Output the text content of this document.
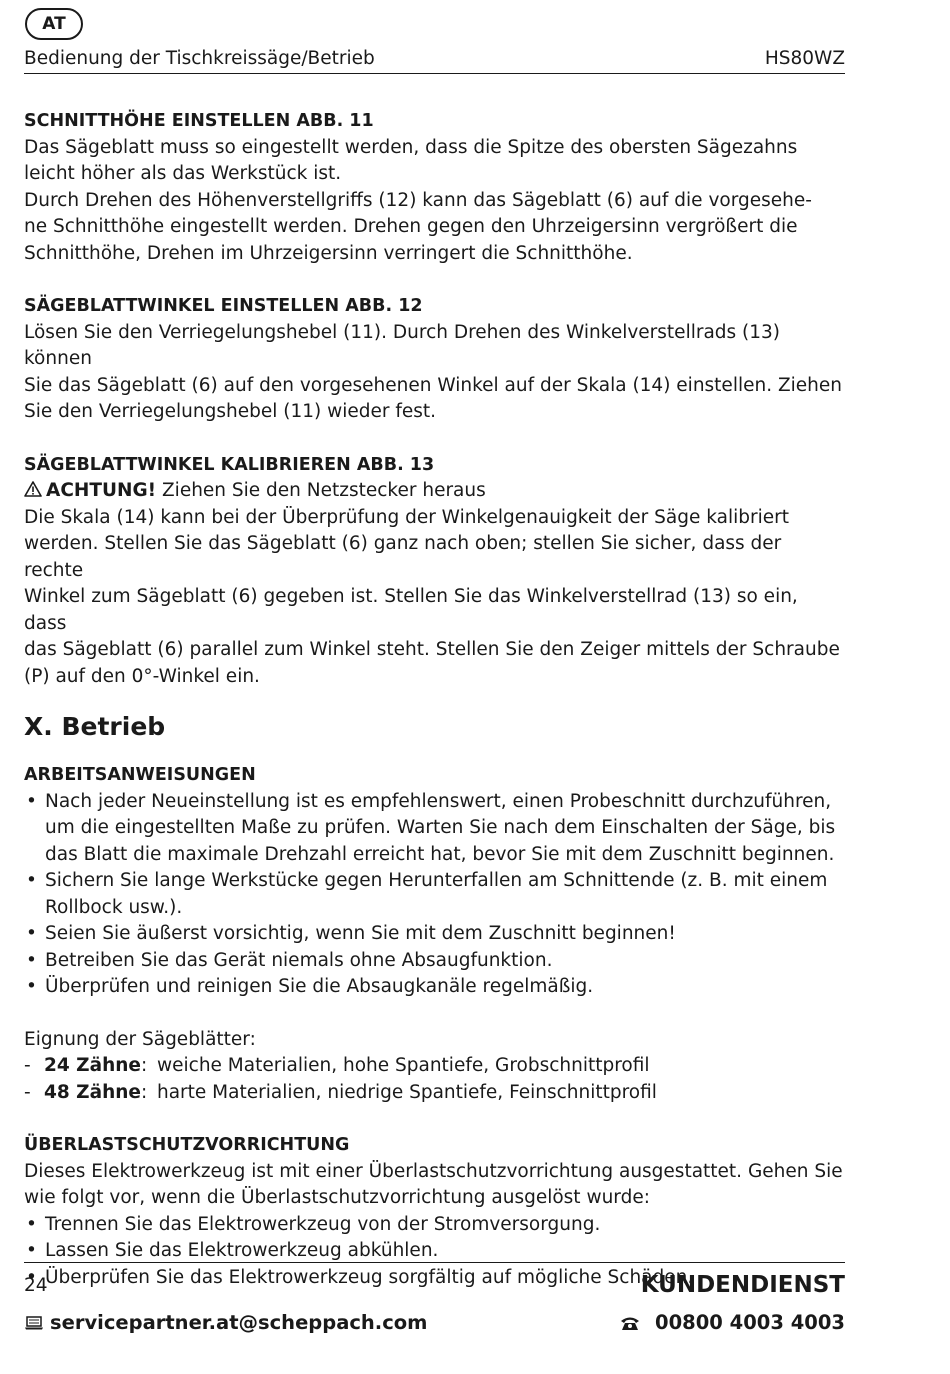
AT
Bedienung der Tischkreissäge/Betrieb	HS80WZ
SCHNITTHÖHE EINSTELLEN ABB. 11

Das Sägeblatt muss so eingestellt werden, dass die Spitze des obersten Sägezahns

leicht höher als das Werkstück ist.

Durch Drehen des Höhenverstellgriffs (12) kann das Sägeblatt (6) auf die vorgesehe-

ne Schnitthöhe eingestellt werden. Drehen gegen den Uhrzeigersinn vergrößert die

Schnitthöhe, Drehen im Uhrzeigersinn verringert die Schnitthöhe.

SÄGEBLATTWINKEL EINSTELLEN ABB. 12

Lösen Sie den Verriegelungshebel (11). Durch Drehen des Winkelverstellrads (13) können

Sie das Sägeblatt (6) auf den vorgesehenen Winkel auf der Skala (14) einstellen. Ziehen

Sie den Verriegelungshebel (11) wieder fest.

SÄGEBLATTWINKEL KALIBRIEREN ABB. 13

ACHTUNG! Ziehen Sie den Netzstecker heraus

Die Skala (14) kann bei der Überprüfung der Winkelgenauigkeit der Säge kalibriert

werden. Stellen Sie das Sägeblatt (6) ganz nach oben; stellen Sie sicher, dass der rechte

Winkel zum Sägeblatt (6) gegeben ist. Stellen Sie das Winkelverstellrad (13) so ein, dass

das Sägeblatt (6) parallel zum Winkel steht. Stellen Sie den Zeiger mittels der Schraube

(P) auf den 0°-Winkel ein.

X. Betrieb
ARBEITSANWEISUNGEN
• Nach jeder Neueinstellung ist es empfehlenswert, einen Probeschnitt durchzuführen,
um die eingestellten Maße zu prüfen. Warten Sie nach dem Einschalten der Säge, bis
das Blatt die maximale Drehzahl erreicht hat, bevor Sie mit dem Zuschnitt beginnen.
• Sichern Sie lange Werkstücke gegen Herunterfallen am Schnittende (z. B. mit einem
Rollbock usw.).
• Seien Sie äußerst vorsichtig, wenn Sie mit dem Zuschnitt beginnen!
• Betreiben Sie das Gerät niemals ohne Absaugfunktion.
• Überprüfen und reinigen Sie die Absaugkanäle regelmäßig.

Eignung der Sägeblätter:

- 24 Zähne: weiche Materialien, hohe Spantiefe, Grobschnittprofil
- 48 Zähne: harte Materialien, niedrige Spantiefe, Feinschnittprofil
ÜBERLASTSCHUTZVORRICHTUNG

Dieses Elektrowerkzeug ist mit einer Überlastschutzvorrichtung ausgestattet. Gehen Sie

wie folgt vor, wenn die Überlastschutzvorrichtung ausgelöst wurde:

• Trennen Sie das Elektrowerkzeug von der Stromversorgung.
• Lassen Sie das Elektrowerkzeug abkühlen.
• Überprüfen Sie das Elektrowerkzeug sorgfältig auf mögliche Schäden.
24	KUNDENDIENST
servicepartner.at@scheppach.com	00800 4003 4003
